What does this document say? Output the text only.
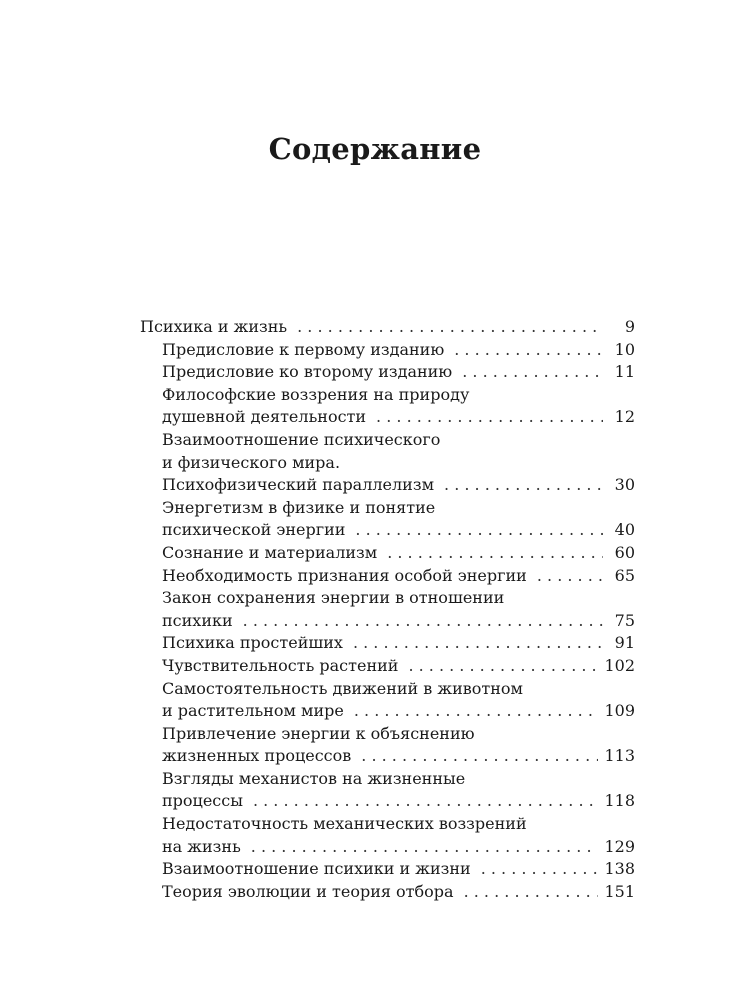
Содержание
Психика и жизнь . . .	9
Предисловие к первому изданию . . .	10
Предисловие ко второму изданию . . .	11
Философские воззрения на природу
душевной деятельности . . .	12
Взаимоотношение психического
и физического мира.
Психофизический параллелизм . . .	30
Энергетизм в физике и понятие
психической энергии . . .	40
Сознание и материализм . . .	60
Необходимость признания особой энергии . . .	65
Закон сохранения энергии в отношении
психики . . .	75
Психика простейших . . .	91
Чувствительность растений . . .	102
Самостоятельность движений в животном
и растительном мире . . .	109
Привлечение энергии к объяснению
жизненных процессов . . .	113
Взгляды механистов на жизненные
процессы . . .	118
Недостаточность механических воззрений
на жизнь . . .	129
Взаимоотношение психики и жизни . . .	138
Теория эволюции и теория отбора . . .	151
